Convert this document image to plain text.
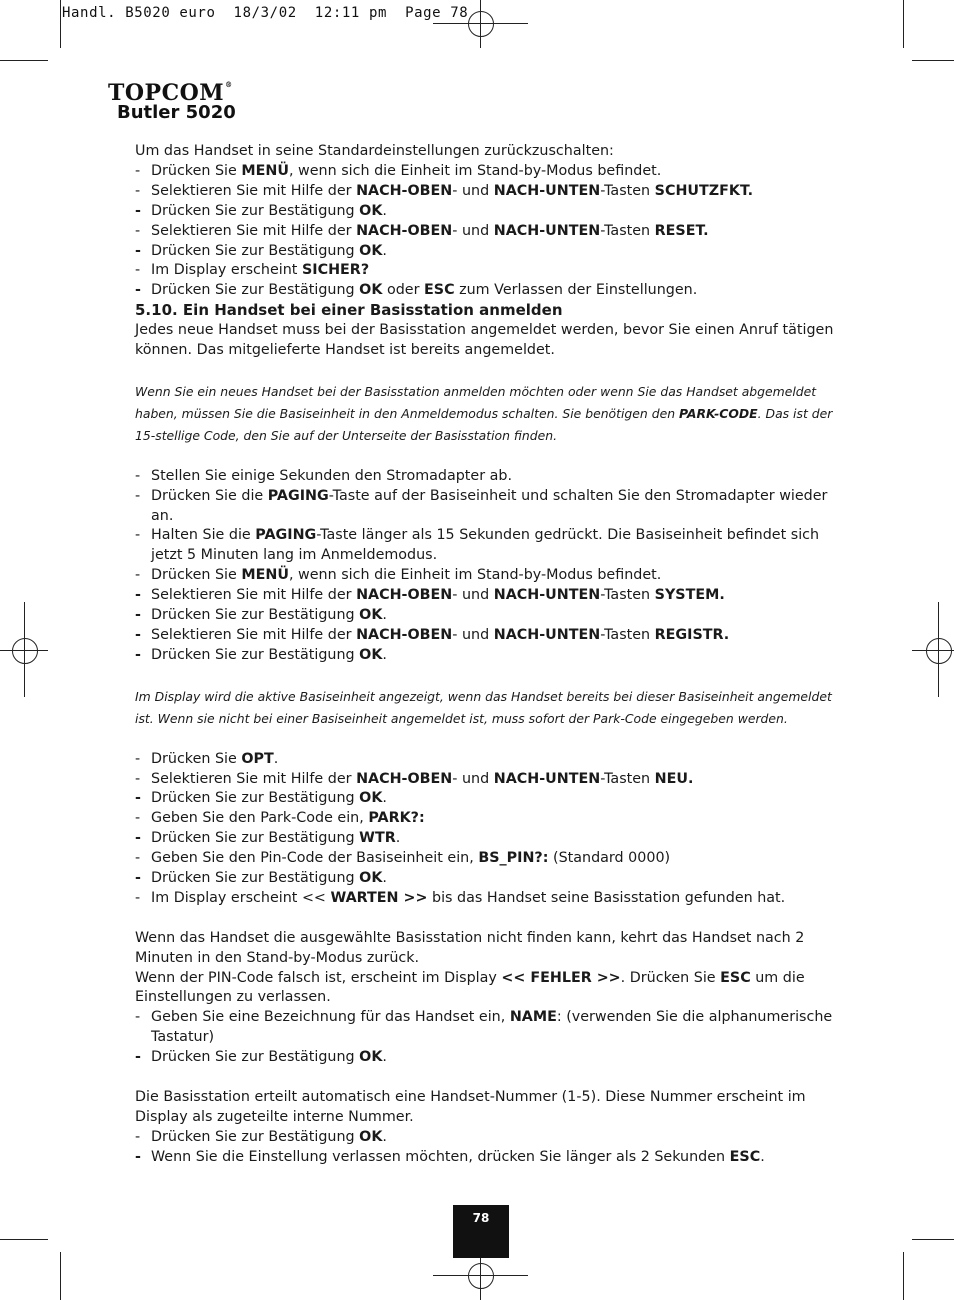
Handl. B5020 euro  18/3/02  12:11 pm  Page 78
TOPCOM®
Butler 5020

Um das Handset in seine Standardeinstellungen zurückzuschalten:

- Drücken Sie MENÜ, wenn sich die Einheit im Stand-by-Modus befindet.
- Selektieren Sie mit Hilfe der NACH-OBEN- und NACH-UNTEN-Tasten SCHUTZFKT.
- Drücken Sie zur Bestätigung OK.
- Selektieren Sie mit Hilfe der NACH-OBEN- und NACH-UNTEN-Tasten RESET.
- Drücken Sie zur Bestätigung OK.
- Im Display erscheint SICHER?
- Drücken Sie zur Bestätigung OK oder ESC zum Verlassen der Einstellungen.

5.10. Ein Handset bei einer Basisstation anmelden

Jedes neue Handset muss bei der Basisstation angemeldet werden, bevor Sie einen Anruf tätigen können. Das mitgelieferte Handset ist bereits angemeldet.

Wenn Sie ein neues Handset bei der Basisstation anmelden möchten oder wenn Sie das Handset abgemeldet haben, müssen Sie die Basiseinheit in den Anmeldemodus schalten. Sie benötigen den PARK-CODE. Das ist der 15-stellige Code, den Sie auf der Unterseite der Basisstation finden.

- Stellen Sie einige Sekunden den Stromadapter ab.
- Drücken Sie die PAGING-Taste auf der Basiseinheit und schalten Sie den Stromadapter wieder an.
- Halten Sie die PAGING-Taste länger als 15 Sekunden gedrückt. Die Basiseinheit befindet sich jetzt 5 Minuten lang im Anmeldemodus.
- Drücken Sie MENÜ, wenn sich die Einheit im Stand-by-Modus befindet.
- Selektieren Sie mit Hilfe der NACH-OBEN- und NACH-UNTEN-Tasten SYSTEM.
- Drücken Sie zur Bestätigung OK.
- Selektieren Sie mit Hilfe der NACH-OBEN- und NACH-UNTEN-Tasten REGISTR.
- Drücken Sie zur Bestätigung OK.

Im Display wird die aktive Basiseinheit angezeigt, wenn das Handset bereits bei dieser Basiseinheit angemeldet ist. Wenn sie nicht bei einer Basiseinheit angemeldet ist, muss sofort der Park-Code eingegeben werden.

- Drücken Sie OPT.
- Selektieren Sie mit Hilfe der NACH-OBEN- und NACH-UNTEN-Tasten NEU.
- Drücken Sie zur Bestätigung OK.
- Geben Sie den Park-Code ein, PARK?:
- Drücken Sie zur Bestätigung WTR.
- Geben Sie den Pin-Code der Basiseinheit ein, BS_PIN?: (Standard 0000)
- Drücken Sie zur Bestätigung OK.
- Im Display erscheint << WARTEN >> bis das Handset seine Basisstation gefunden hat.

Wenn das Handset die ausgewählte Basisstation nicht finden kann, kehrt das Handset nach 2 Minuten in den Stand-by-Modus zurück.

Wenn der PIN-Code falsch ist, erscheint im Display << FEHLER >>. Drücken Sie ESC um die Einstellungen zu verlassen.

- Geben Sie eine Bezeichnung für das Handset ein, NAME: (verwenden Sie die alphanumerische Tastatur)
- Drücken Sie zur Bestätigung OK.

Die Basisstation erteilt automatisch eine Handset-Nummer (1-5). Diese Nummer erscheint im Display als zugeteilte interne Nummer.

- Drücken Sie zur Bestätigung OK.
- Wenn Sie die Einstellung verlassen möchten, drücken Sie länger als 2 Sekunden ESC.
78
